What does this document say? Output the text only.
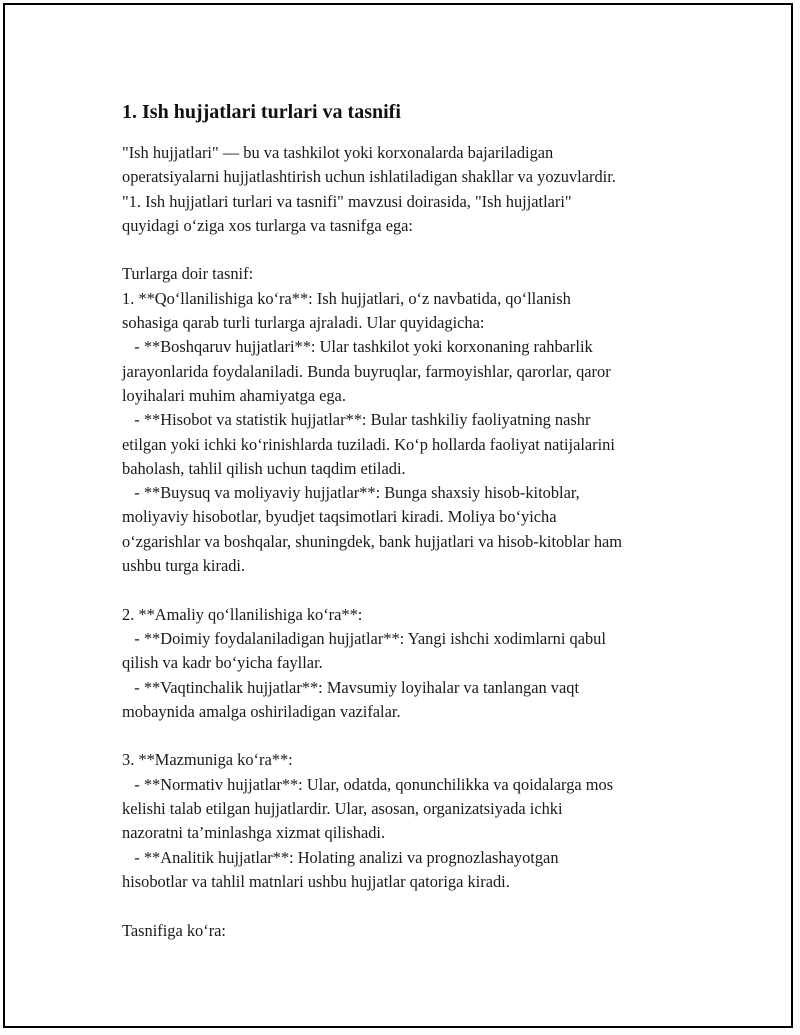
1. Ish hujjatlari turlari va tasnifi
"Ish hujjatlari" — bu va tashkilot yoki korxonalarda bajariladigan
operatsiyalarni hujjatlashtirish uchun ishlatiladigan shakllar va yozuvlardir.
"1. Ish hujjatlari turlari va tasnifi" mavzusi doirasida, "Ish hujjatlari"
quyidagi o‘ziga xos turlarga va tasnifga ega:
Turlarga doir tasnif:
1. **Qo‘llanilishiga ko‘ra**: Ish hujjatlari, o‘z navbatida, qo‘llanish
sohasiga qarab turli turlarga ajraladi. Ular quyidagicha:
- **Boshqaruv hujjatlari**: Ular tashkilot yoki korxonaning rahbarlik
jarayonlarida foydalaniladi. Bunda buyruqlar, farmoyishlar, qarorlar, qaror
loyihalari muhim ahamiyatga ega.
- **Hisobot va statistik hujjatlar**: Bular tashkiliy faoliyatning nashr
etilgan yoki ichki ko‘rinishlarda tuziladi. Ko‘p hollarda faoliyat natijalarini
baholash, tahlil qilish uchun taqdim etiladi.
- **Buysuq va moliyaviy hujjatlar**: Bunga shaxsiy hisob-kitoblar,
moliyaviy hisobotlar, byudjet taqsimotlari kiradi. Moliya bo‘yicha
o‘zgarishlar va boshqalar, shuningdek, bank hujjatlari va hisob-kitoblar ham
ushbu turga kiradi.
2. **Amaliy qo‘llanilishiga ko‘ra**:
- **Doimiy foydalaniladigan hujjatlar**: Yangi ishchi xodimlarni qabul
qilish va kadr bo‘yicha fayllar.
- **Vaqtinchalik hujjatlar**: Mavsumiy loyihalar va tanlangan vaqt
mobaynida amalga oshiriladigan vazifalar.
3. **Mazmuniga ko‘ra**:
- **Normativ hujjatlar**: Ular, odatda, qonunchilikka va qoidalarga mos
kelishi talab etilgan hujjatlardir. Ular, asosan, organizatsiyada ichki
nazoratni ta’minlashga xizmat qilishadi.
- **Analitik hujjatlar**: Holating analizi va prognozlashayotgan
hisobotlar va tahlil matnlari ushbu hujjatlar qatoriga kiradi.
Tasnifiga ko‘ra:
